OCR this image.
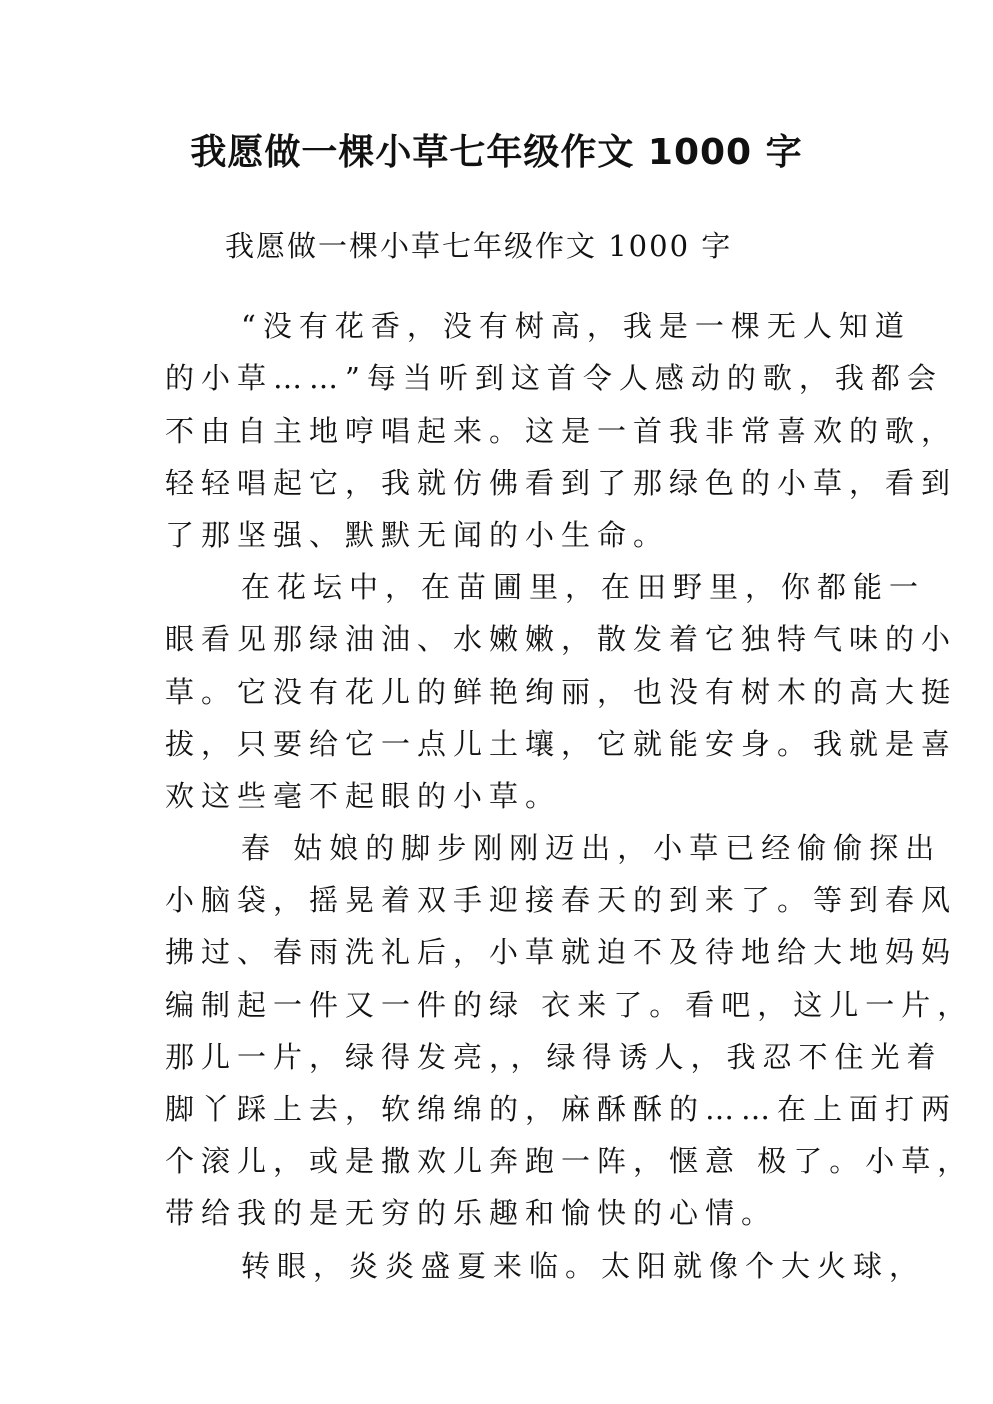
我愿做一棵小草七年级作文 1000 字
我愿做一棵小草七年级作文 1000 字
“没有花香，没有树高，我是一棵无人知道
的小草……”每当听到这首令人感动的歌，我都会
不由自主地哼唱起来。这是一首我非常喜欢的歌，
轻轻唱起它，我就仿佛看到了那绿色的小草，看到
了那坚强、默默无闻的小生命。
在花坛中，在苗圃里，在田野里，你都能一
眼看见那绿油油、水嫩嫩，散发着它独特气味的小
草。它没有花儿的鲜艳绚丽，也没有树木的高大挺
拔，只要给它一点儿土壤，它就能安身。我就是喜
欢这些毫不起眼的小草。
春 姑娘的脚步刚刚迈出，小草已经偷偷探出
小脑袋，摇晃着双手迎接春天的到来了。等到春风
拂过、春雨洗礼后，小草就迫不及待地给大地妈妈
编制起一件又一件的绿 衣来了。看吧，这儿一片，
那儿一片，绿得发亮，，绿得诱人，我忍不住光着
脚丫踩上去，软绵绵的，麻酥酥的……在上面打两
个滚儿，或是撒欢儿奔跑一阵，惬意 极了。小草，
带给我的是无穷的乐趣和愉快的心情。
转眼，炎炎盛夏来临。太阳就像个大火球，
